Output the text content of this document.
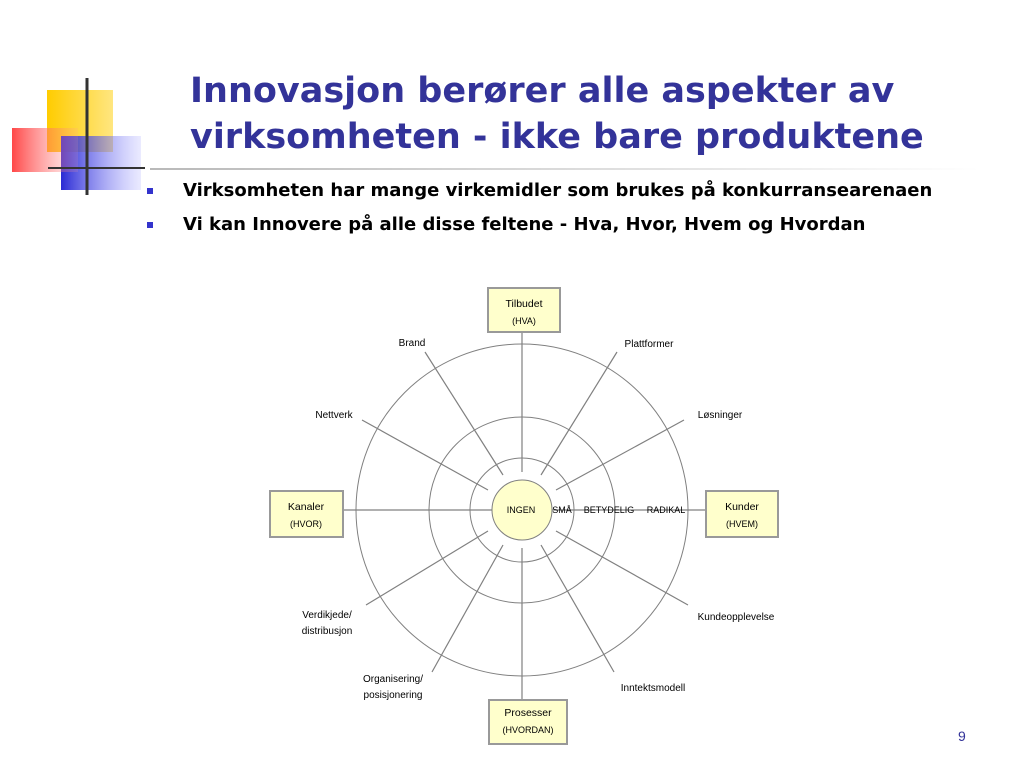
Innovasjon berører alle aspekter av
virksomheten - ikke bare produktene
Virksomheten har mange virkemidler som brukes på konkurransearenaen
Vi kan Innovere på alle disse feltene - Hva, Hvor, Hvem og Hvordan
INGEN SMÅ BETYDELIG RADIKAL
Tilbudet
(HVA)
Kanaler
(HVOR)
Kunder
(HVEM)
Prosesser
(HVORDAN)
Brand	Plattformer
Nettverk	Løsninger
Verdikjede/
distribusjon
Kundeopplevelse
Organisering/
posisjonering
Inntektsmodell
9
